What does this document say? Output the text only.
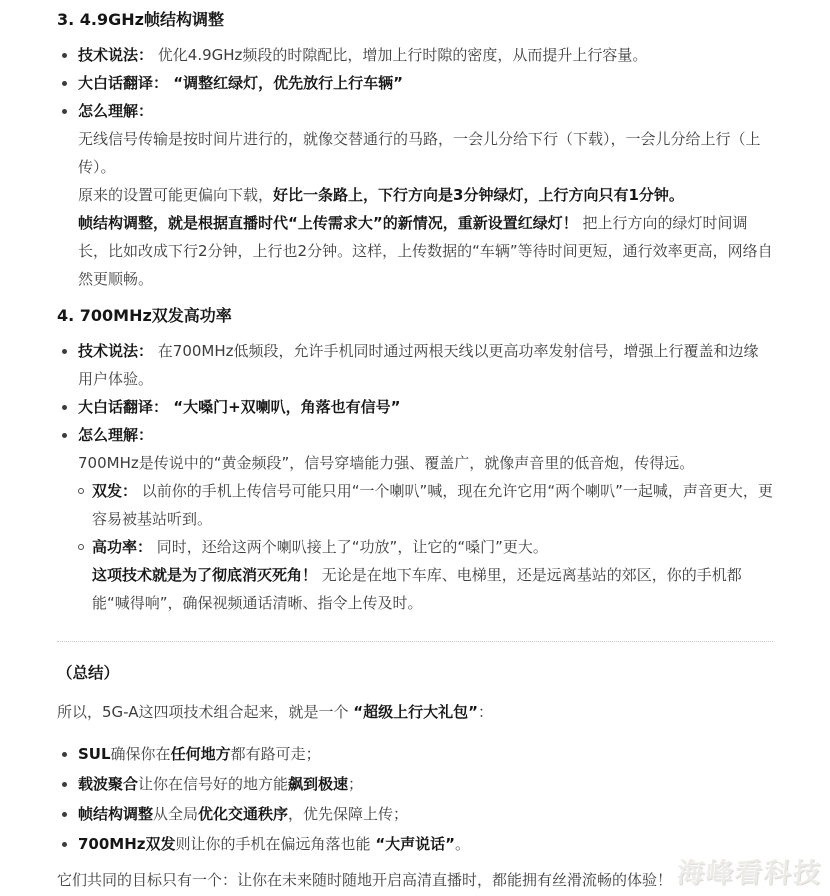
3. 4.9GHz帧结构调整
技术说法： 优化4.9GHz频段的时隙配比，增加上行时隙的密度，从而提升上行容量。
大白话翻译： “调整红绿灯，优先放行上行车辆”
怎么理解：
无线信号传输是按时间片进行的，就像交替通行的马路，一会儿分给下行（下载），一会儿分给上行（上传）。
原来的设置可能更偏向下载，好比一条路上，下行方向是3分钟绿灯，上行方向只有1分钟。
帧结构调整，就是根据直播时代“上传需求大”的新情况，重新设置红绿灯！ 把上行方向的绿灯时间调长，比如改成下行2分钟，上行也2分钟。这样，上传数据的“车辆”等待时间更短，通行效率更高，网络自然更顺畅。
4. 700MHz双发高功率
技术说法： 在700MHz低频段，允许手机同时通过两根天线以更高功率发射信号，增强上行覆盖和边缘用户体验。
大白话翻译： “大嗓门+双喇叭，角落也有信号”
怎么理解：
700MHz是传说中的“黄金频段”，信号穿墙能力强、覆盖广，就像声音里的低音炮，传得远。
双发： 以前你的手机上传信号可能只用“一个喇叭”喊，现在允许它用“两个喇叭”一起喊，声音更大，更容易被基站听到。
高功率： 同时，还给这两个喇叭接上了“功放”，让它的“嗓门”更大。
这项技术就是为了彻底消灭死角！ 无论是在地下车库、电梯里，还是远离基站的郊区，你的手机都能“喊得响”，确保视频通话清晰、指令上传及时。
（总结）
所以，5G-A这四项技术组合起来，就是一个 “超级上行大礼包”：
SUL确保你在任何地方都有路可走；
载波聚合让你在信号好的地方能飙到极速；
帧结构调整从全局优化交通秩序，优先保障上传；
700MHz双发则让你的手机在偏远角落也能 “大声说话”。
它们共同的目标只有一个：让你在未来随时随地开启高清直播时，都能拥有丝滑流畅的体验！ 海峰看科技
